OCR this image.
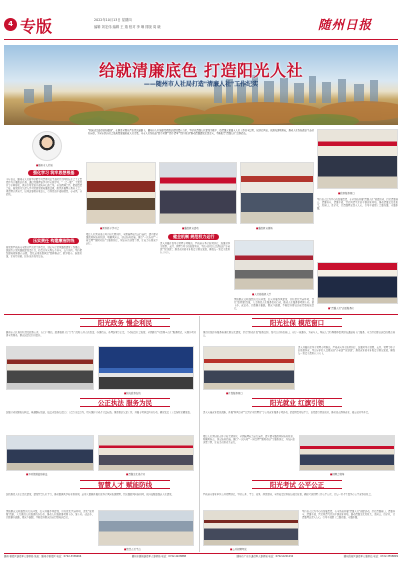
4 专版	2022年10月13日 星期四
编辑 刘宏伟 编辑 王 瑞 校对 李 琳 排版 周 晓	随州日报
给就清廉底色 打造阳光人社
——随州市人社局打造"清廉人社"工作纪实
"阳光就是最好的防腐剂"，在推进全面从严治党的道路上，随州市人社局始终把政治建设摆在首位，坚持以清廉人社建设为抓手，将清廉元素融入人社工作的全过程，以制度管权、以阳光透明用权，推动人社系统政治生态持续向好，为全市经济社会高质量发展贡献人社力量。全市人社系统以"四个对照""四个清单""四个机制"推动清廉建设走深走实，不断擦亮"清廉人社"品牌底色。
■ 随州市人社局
强化学习 筑牢思想根基
今年以来，随州市人社局坚持把学习贯彻习近平新时代中国特色社会主义思想作为首要政治任务，通过党组理论学习中心组学习、"三会一课"、主题党日等多种形式，教育引导党员干部筑牢信仰之基、补足精神之钙、把稳思想之舵。局党组带头深入学习党章党规和廉政法规，组织开展警示教育大会，观看警示教育片，以身边事教育身边人，引导党员干部知敬畏、存戒惧、守底线。
压实责任 构建廉洁防线
局党组严格落实全面从严治党主体责任，制定年度党风廉政建设工作要点，层层签订党风廉政建设责任书，将责任压实到每个科室、每个岗位。坚持把纪律和规矩挺在前面，深化运用监督执纪"四种形态"，抓早抓小、防微杜渐，让咬耳扯袖、红脸出汗成为常态。
■ 领导班子学习会	■ 廉政教育活动	■ 廉政教育现场
聚焦人社领域重点环节和关键岗位，全面梳理权力运行流程，建立健全廉政风险防控机制，明确风险点，制定防控措施。推行"一次告知""一窗受理""限时办结"等服务制度，压缩自由裁量空间，让权力在阳光下运行。
健全机制 规范权力运行
深入开展社保基金管理专项整治，严格落实基金监管制度，加强对基金征缴、支付、管理等环节的监督检查，坚决守护好人民群众的"养老钱""保命钱"。推进就业创业补贴资金规范发放，确保每一笔资金都用在刀刃上。
■ 人社局服务大厅
围绕群众反映强烈的突出问题，扎实开展作风建设，持续优化营商环境，深化"放管服"改革，大力推进人社服务快办行动，推动人社服务事项网上办、掌上办、就近办，让数据多跑路，群众少跑腿，不断提升群众的获得感和满意度。
■ 政务服务窗口
坚持以人民为中心的发展思想，在全系统开展"清廉人社"创建活动，打造清廉窗口、清廉科室、清廉干部，营造风清气正的干事创业环境。推动清廉文化进机关、进窗口、进企业，让清廉理念深入人心，引导干部职工崇廉尚廉、守廉拒腐。
■ "清廉人社"志愿服务队
阳光政务 慢企利民
随州市人社局持续深化政务公开，在门户网站、政务服务大厅等平台及时公开人社政策、办事指南、办理结果等信息，主动接受社会监督。全面推行"互联网+人社"服务模式，实现多项业务全程网办，群众满意度持续提升。
■ 阳光政务在线
公正执法 服务为民
加强劳动保障监察执法，畅通维权渠道，依法查处拖欠农民工工资等违法行为，切实维护劳动者合法权益。推进根治欠薪工作，开展专项执法检查行动，确保农民工工资按时足额发放。
■ 劳动保障监察执法	■ 清廉文化进企业
智慧人才 赋能防线
加快推进人社信息化建设，建设智慧人社平台，推动数据共享和业务协同，运用大数据开展社保基金风险监测预警，织密廉政风险防控网，以科技赋能廉洁人社建设。
■ 智慧人社平台
围绕群众反映强烈的突出问题，扎实开展作风建设，持续优化营商环境，深化"放管服"改革，大力推进人社服务快办行动，推动人社服务事项网上办、掌上办、就近办，让数据多跑路，群众少跑腿，不断提升群众的获得感和满意度。
阳光社保 模范窗口
推进社保经办服务标准化规范化建设，打造"阳光社保"服务品牌。设立综合柜员窗口，实行一窗通办，为老年人、残疾人等特殊群体提供绿色通道和上门服务，全力打造群众满意的模范窗口。
■ 社保服务窗口
深入开展社保基金管理专项整治，严格落实基金监管制度，加强对基金征缴、支付、管理等环节的监督检查，坚决守护好人民群众的"养老钱""保命钱"。推进就业创业补贴资金规范发放，确保每一笔资金都用在刀刃上。
阳光就业 红旗引领
深入实施就业优先战略，开展"春风行动""民营企业招聘月"等公共就业服务专项活动，搭建供需对接平台。以党建引领促就业，推动重点群体就业，稳定就业基本盘。
■ 招聘会现场
聚焦人社领域重点环节和关键岗位，全面梳理权力运行流程，建立健全廉政风险防控机制，明确风险点，制定防控措施。推行"一次告知""一窗受理""限时办结"等服务制度，压缩自由裁量空间，让权力在阳光下运行。
阳光考试 公平公正
严格落实事业单位公开招聘制度，坚持公开、平等、竞争、择优原则，全程接受纪检监察部门监督，确保考试招聘工作公平公正，让每一位考生都享有公平竞争的机会。
■ 公开招聘考试
坚持以人民为中心的发展思想，在全系统开展"清廉人社"创建活动，打造清廉窗口、清廉科室、清廉干部，营造风清气正的干事创业环境。推动清廉文化进机关、进窗口、进企业，让清廉理念深入人心，引导干部职工崇廉尚廉、守廉拒腐。
随州·曾都区退役军人事务局 地址：随州市曾都区 电话：0722-3336666	随州市随县退役军人事务局 电话：0722-4228888	随州市广水市退役军人事务局 电话：0722-6221234	随州高新区退役军人服务站 电话：0722-3558899
